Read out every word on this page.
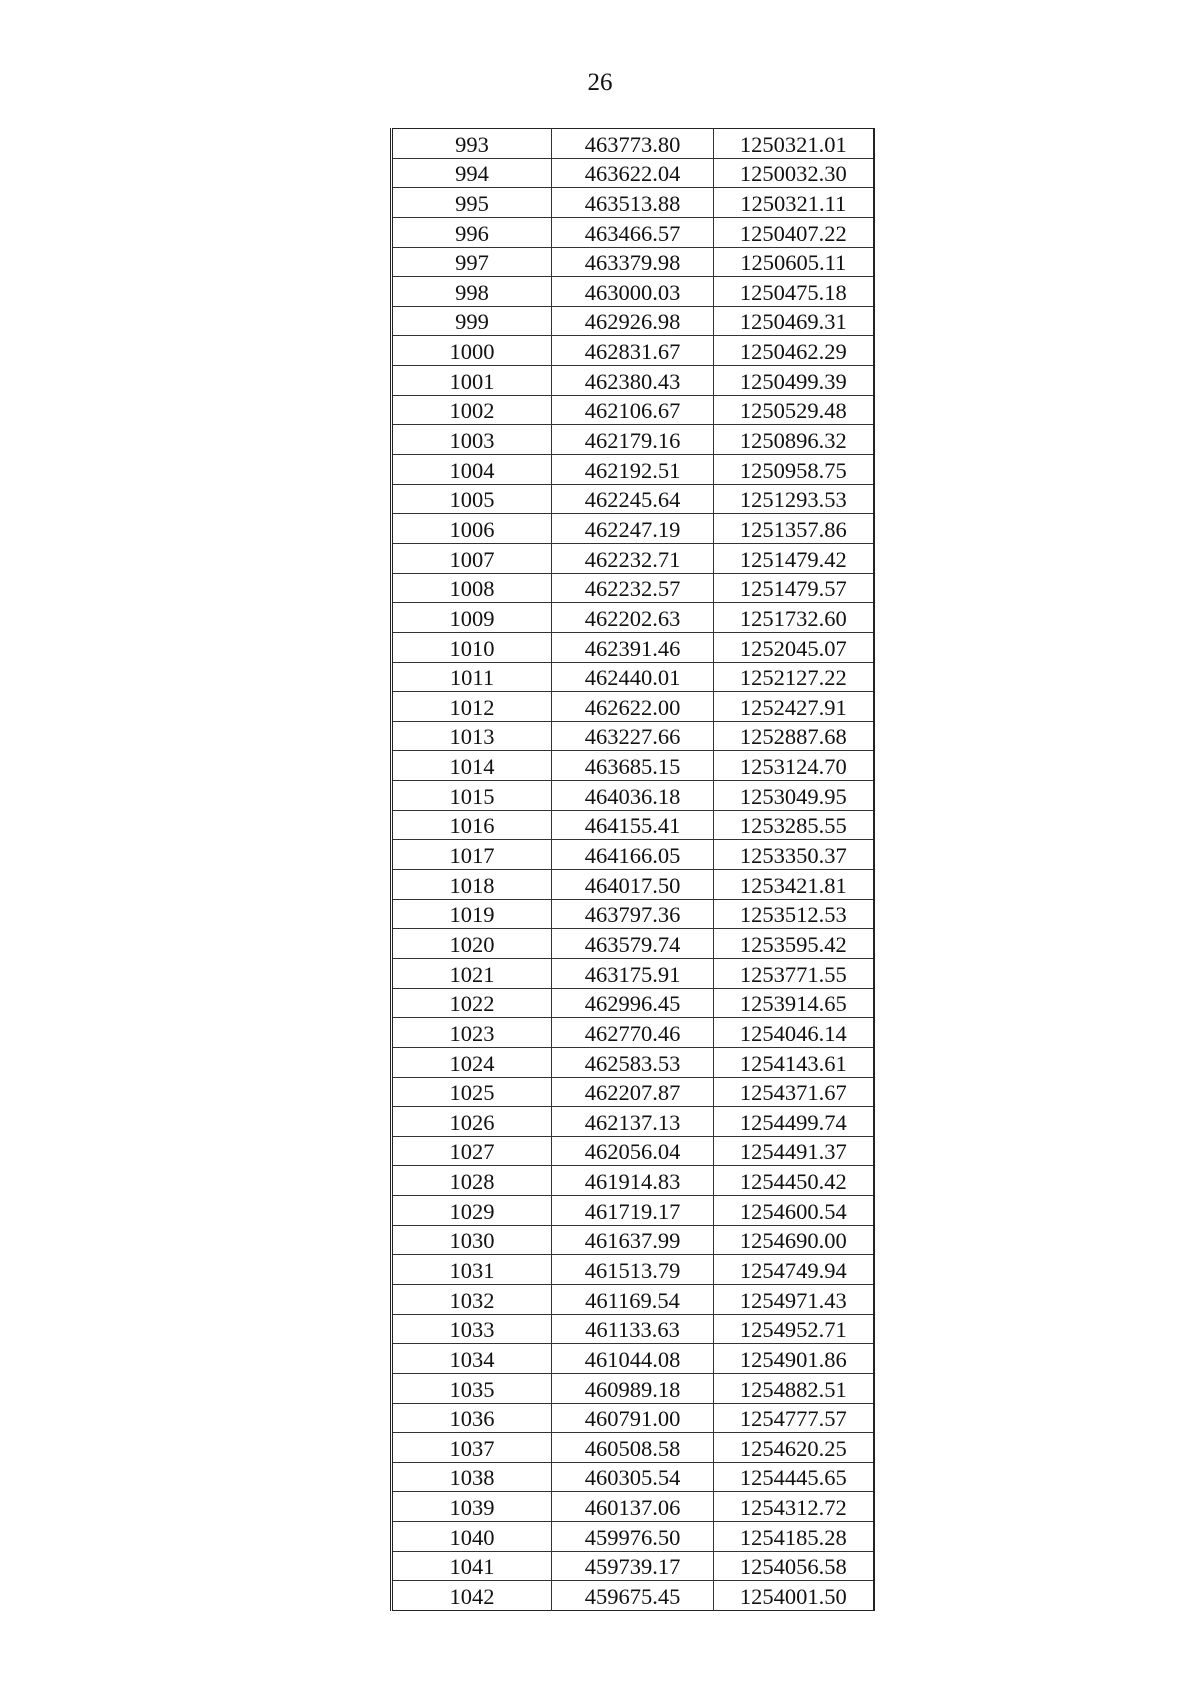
26
993	463773.80	1250321.01
994	463622.04	1250032.30
995	463513.88	1250321.11
996	463466.57	1250407.22
997	463379.98	1250605.11
998	463000.03	1250475.18
999	462926.98	1250469.31
1000	462831.67	1250462.29
1001	462380.43	1250499.39
1002	462106.67	1250529.48
1003	462179.16	1250896.32
1004	462192.51	1250958.75
1005	462245.64	1251293.53
1006	462247.19	1251357.86
1007	462232.71	1251479.42
1008	462232.57	1251479.57
1009	462202.63	1251732.60
1010	462391.46	1252045.07
1011	462440.01	1252127.22
1012	462622.00	1252427.91
1013	463227.66	1252887.68
1014	463685.15	1253124.70
1015	464036.18	1253049.95
1016	464155.41	1253285.55
1017	464166.05	1253350.37
1018	464017.50	1253421.81
1019	463797.36	1253512.53
1020	463579.74	1253595.42
1021	463175.91	1253771.55
1022	462996.45	1253914.65
1023	462770.46	1254046.14
1024	462583.53	1254143.61
1025	462207.87	1254371.67
1026	462137.13	1254499.74
1027	462056.04	1254491.37
1028	461914.83	1254450.42
1029	461719.17	1254600.54
1030	461637.99	1254690.00
1031	461513.79	1254749.94
1032	461169.54	1254971.43
1033	461133.63	1254952.71
1034	461044.08	1254901.86
1035	460989.18	1254882.51
1036	460791.00	1254777.57
1037	460508.58	1254620.25
1038	460305.54	1254445.65
1039	460137.06	1254312.72
1040	459976.50	1254185.28
1041	459739.17	1254056.58
1042	459675.45	1254001.50
